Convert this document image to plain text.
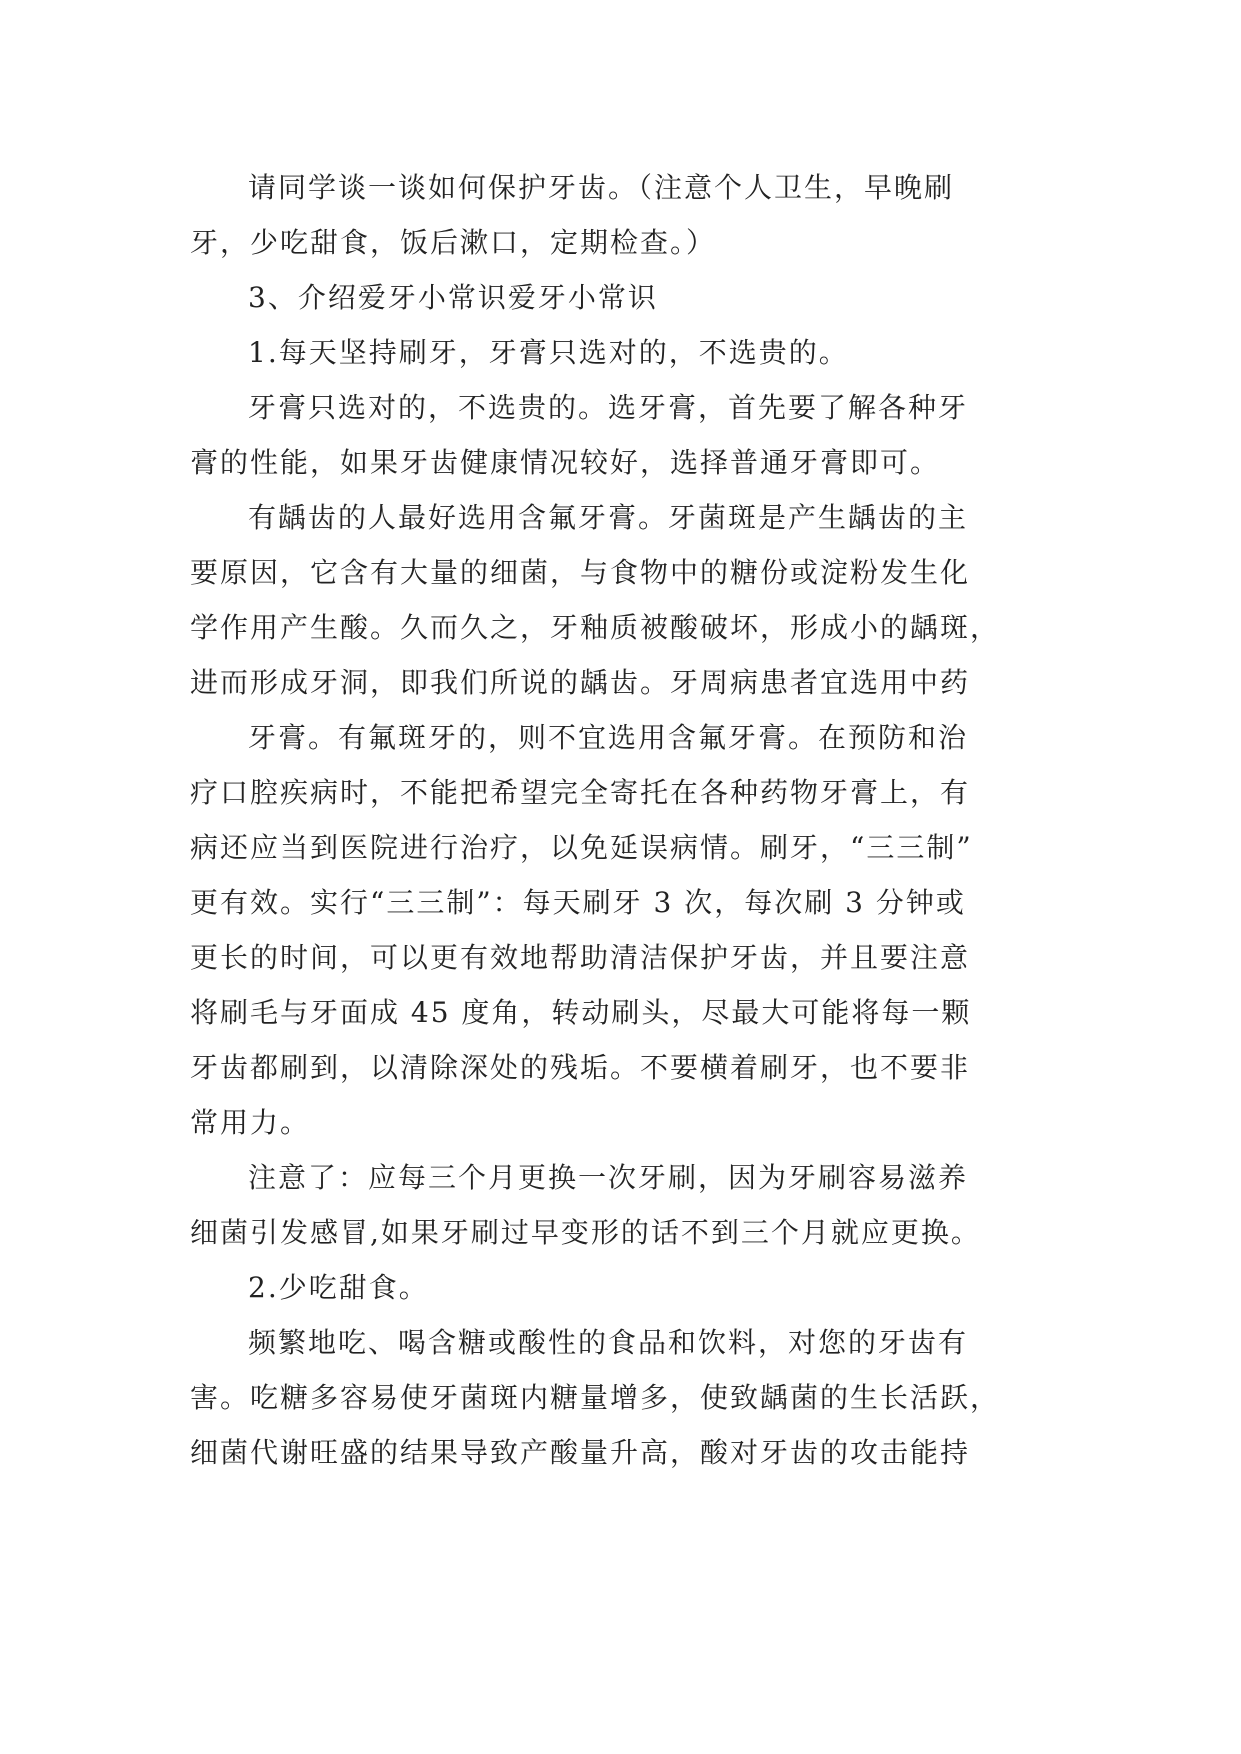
请同学谈一谈如何保护牙齿。（注意个人卫生，早晚刷
牙，少吃甜食，饭后漱口，定期检查。）

3、介绍爱牙小常识爱牙小常识

1.每天坚持刷牙，牙膏只选对的，不选贵的。

牙膏只选对的，不选贵的。选牙膏，首先要了解各种牙
膏的性能，如果牙齿健康情况较好，选择普通牙膏即可。

有龋齿的人最好选用含氟牙膏。牙菌斑是产生龋齿的主
要原因，它含有大量的细菌，与食物中的糖份或淀粉发生化
学作用产生酸。久而久之，牙釉质被酸破坏，形成小的龋斑，
进而形成牙洞，即我们所说的龋齿。牙周病患者宜选用中药

牙膏。有氟斑牙的，则不宜选用含氟牙膏。在预防和治
疗口腔疾病时，不能把希望完全寄托在各种药物牙膏上，有
病还应当到医院进行治疗，以免延误病情。刷牙，“三三制”
更有效。实行“三三制”：每天刷牙 3 次，每次刷 3 分钟或
更长的时间，可以更有效地帮助清洁保护牙齿，并且要注意
将刷毛与牙面成 45 度角，转动刷头，尽最大可能将每一颗
牙齿都刷到，以清除深处的残垢。不要横着刷牙，也不要非
常用力。

注意了：应每三个月更换一次牙刷，因为牙刷容易滋养
细菌引发感冒,如果牙刷过早变形的话不到三个月就应更换。

2.少吃甜食。

频繁地吃、喝含糖或酸性的食品和饮料，对您的牙齿有
害。吃糖多容易使牙菌斑内糖量增多，使致龋菌的生长活跃，
细菌代谢旺盛的结果导致产酸量升高，酸对牙齿的攻击能持
